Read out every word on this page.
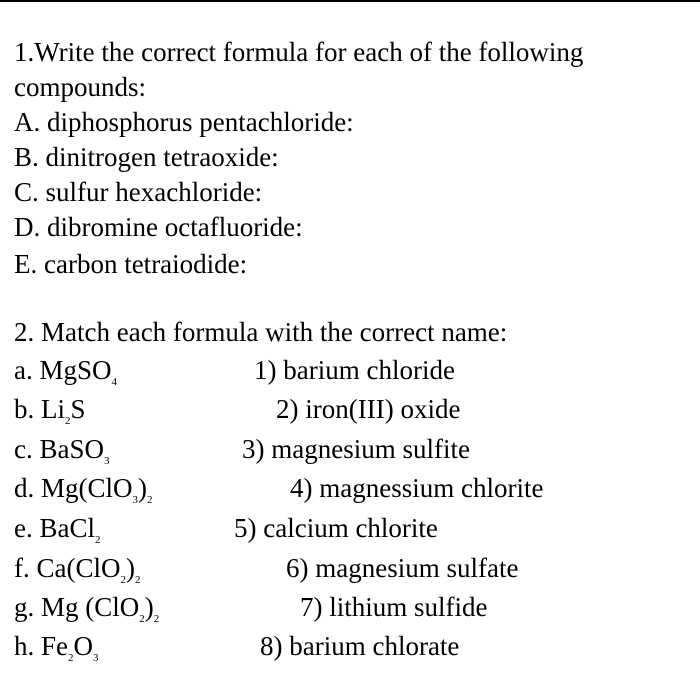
1.Write the correct formula for each of the following
compounds:
A. diphosphorus pentachloride:
B. dinitrogen tetraoxide:
C. sulfur hexachloride:
D. dibromine octafluoride:
E. carbon tetraiodide:
2. Match each formula with the correct name:
a. MgSO$_4$
b. $Li_2S$
c. BaSO$_3$
d. $Mg(ClO_3)_2$
e. BaCl$_2$
f. $Ca(ClO_2)_2$
g. Mg $(ClO_2)_2$
h. $Fe_2O_3$
1) barium chloride
2) iron(III) oxide
3) magnesium sulfite
4) magnessium chlorite
5) calcium chlorite
6) magnesium sulfate
7) lithium sulfide
8) barium chlorate
